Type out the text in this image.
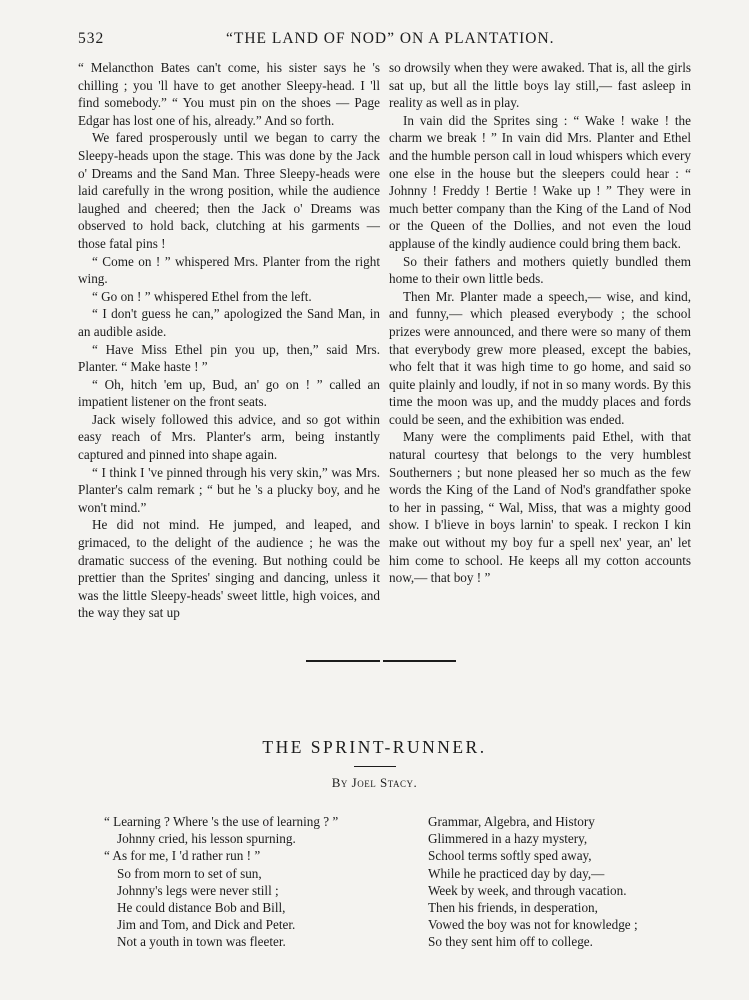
532	“THE LAND OF NOD” ON A PLANTATION.

“ Melancthon Bates can't come, his sister says he 's chilling ; you 'll have to get another Sleepy-head. I 'll find somebody.” “ You must pin on the shoes — Page Edgar has lost one of his, already.” And so forth.

We fared prosperously until we began to carry the Sleepy-heads upon the stage. This was done by the Jack o' Dreams and the Sand Man. Three Sleepy-heads were laid carefully in the wrong position, while the audience laughed and cheered; then the Jack o' Dreams was observed to hold back, clutching at his garments — those fatal pins !

“ Come on ! ” whispered Mrs. Planter from the right wing.

“ Go on ! ” whispered Ethel from the left.

“ I don't guess he can,” apologized the Sand Man, in an audible aside.

“ Have Miss Ethel pin you up, then,” said Mrs. Planter. “ Make haste ! ”

“ Oh, hitch 'em up, Bud, an' go on ! ” called an impatient listener on the front seats.

Jack wisely followed this advice, and so got within easy reach of Mrs. Planter's arm, being instantly captured and pinned into shape again.

“ I think I 've pinned through his very skin,” was Mrs. Planter's calm remark ; “ but he 's a plucky boy, and he won't mind.”

He did not mind. He jumped, and leaped, and grimaced, to the delight of the audience ; he was the dramatic success of the evening. But nothing could be prettier than the Sprites' singing and dancing, unless it was the little Sleepy-heads' sweet little, high voices, and the way they sat up

so drowsily when they were awaked. That is, all the girls sat up, but all the little boys lay still,— fast asleep in reality as well as in play.

In vain did the Sprites sing : “ Wake ! wake ! the charm we break ! ” In vain did Mrs. Planter and Ethel and the humble person call in loud whispers which every one else in the house but the sleepers could hear : “ Johnny ! Freddy ! Bertie ! Wake up ! ” They were in much better company than the King of the Land of Nod or the Queen of the Dollies, and not even the loud applause of the kindly audience could bring them back.

So their fathers and mothers quietly bundled them home to their own little beds.

Then Mr. Planter made a speech,— wise, and kind, and funny,— which pleased everybody ; the school prizes were announced, and there were so many of them that everybody grew more pleased, except the babies, who felt that it was high time to go home, and said so quite plainly and loudly, if not in so many words. By this time the moon was up, and the muddy places and fords could be seen, and the exhibition was ended.

Many were the compliments paid Ethel, with that natural courtesy that belongs to the very humblest Southerners ; but none pleased her so much as the few words the King of the Land of Nod's grandfather spoke to her in passing, “ Wal, Miss, that was a mighty good show. I b'lieve in boys larnin' to speak. I reckon I kin make out without my boy fur a spell nex' year, an' let him come to school. He keeps all my cotton accounts now,— that boy ! ”

THE SPRINT-RUNNER.
By Joel Stacy.
“ Learning ? Where 's the use of learning ? ”
Johnny cried, his lesson spurning.
“ As for me, I 'd rather run ! ”
So from morn to set of sun,
Johnny's legs were never still ;
He could distance Bob and Bill,
Jim and Tom, and Dick and Peter.
Not a youth in town was fleeter.
Grammar, Algebra, and History
Glimmered in a hazy mystery,
School terms softly sped away,
While he practiced day by day,—
Week by week, and through vacation.
Then his friends, in desperation,
Vowed the boy was not for knowledge ;
So they sent him off to college.
